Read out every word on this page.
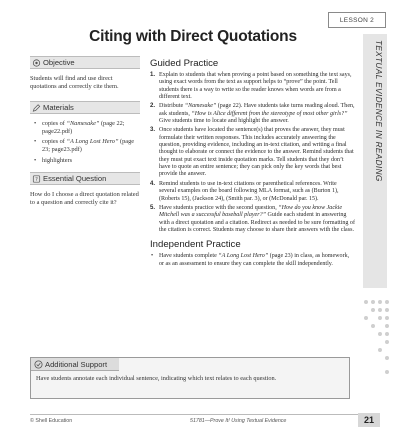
LESSON 2
TEXTUAL EVIDENCE IN READING
Citing with Direct Quotations
Objective

Students will find and use direct quotations and correctly cite them.

Materials
• copies of “Namesake” (page 22; page22.pdf)
• copies of “A Long Lost Hero” (page 23; page23.pdf)
• highlighters
? Essential Question

How do I choose a direct quotation related to a question and correctly cite it?

Guided Practice
1. Explain to students that when proving a point based on something the text says, using exact words from the text as support helps to “prove” the point. Tell students there is a way to write so the reader knows when words are from a different text.
2. Distribute “Namesake” (page 22). Have students take turns reading aloud. Then, ask students, “How is Alice different from the stereotype of most other girls?” Give students time to locate and highlight the answer.
3. Once students have located the sentence(s) that proves the answer, they must formulate their written responses. This includes accurately answering the question, providing evidence, including an in-text citation, and writing a final thought to elaborate or connect the evidence to the answer. Remind students that they must put exact text inside quotation marks. Tell students that they don’t have to quote an entire sentence; they can pick only the key words that best provide the answer.
4. Remind students to use in-text citations or parenthetical references. Write several examples on the board following MLA format, such as (Burton 1), (Roberts 15), (Jackson 24), (Smith par. 3), or (McDonald par. 15).
5. Have students practice with the second question, “How do you know Jackie Mitchell was a successful baseball player?” Guide each student in answering with a direct quotation and a citation. Redirect as needed to be sure formatting of the citation is correct. Students may choose to share their answers with the class.
Independent Practice
• Have students complete “A Long Lost Hero” (page 23) in class, as homework, or as an assessment to ensure they can complete the skill independently.
Additional Support

Have students annotate each individual sentence, indicating which text relates to each question.

© Shell Education	51781—Prove It! Using Textual Evidence	21
